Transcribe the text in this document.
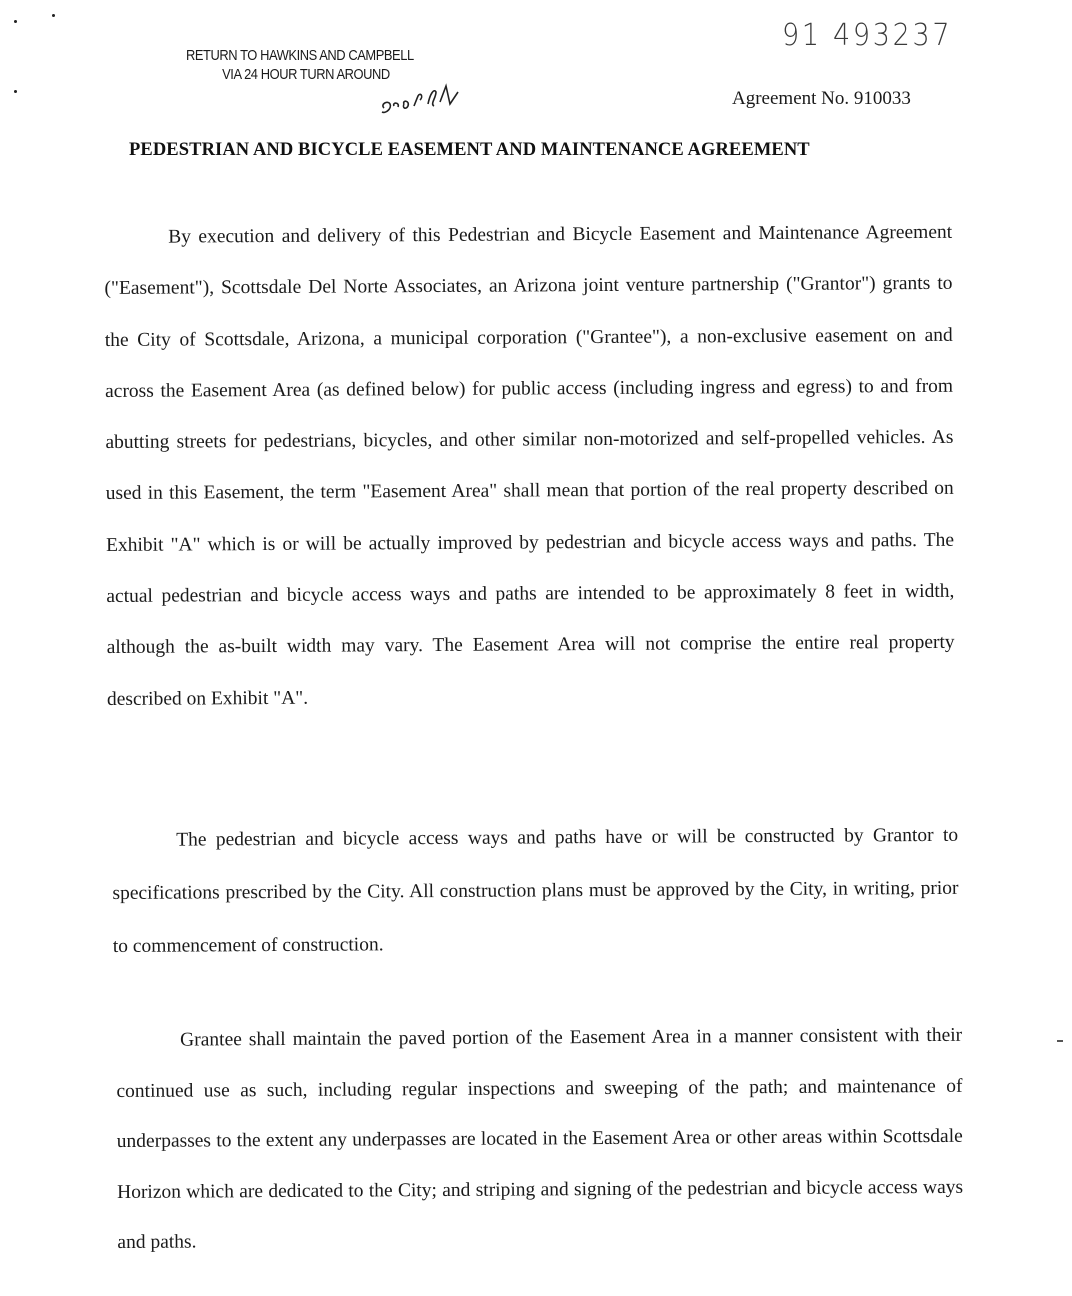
RETURN TO HAWKINS AND CAMPBELL
VIA 24 HOUR TURN AROUND
91 493237
Agreement No. 910033
PEDESTRIAN AND BICYCLE EASEMENT AND MAINTENANCE AGREEMENT

By execution and delivery of this Pedestrian and Bicycle Easement and Maintenance Agreement ("Easement"), Scottsdale Del Norte Associates, an Arizona joint venture partnership ("Grantor") grants to the City of Scottsdale, Arizona, a municipal corporation ("Grantee"), a non-exclusive easement on and across the Easement Area (as defined below) for public access (including ingress and egress) to and from abutting streets for pedestrians, bicycles, and other similar non-motorized and self-propelled vehicles. As used in this Easement, the term "Easement Area" shall mean that portion of the real property described on Exhibit "A" which is or will be actually improved by pedestrian and bicycle access ways and paths. The actual pedestrian and bicycle access ways and paths are intended to be approximately 8 feet in width, although the as-built width may vary. The Easement Area will not comprise the entire real property described on Exhibit "A".

The pedestrian and bicycle access ways and paths have or will be constructed by Grantor to specifications prescribed by the City. All construction plans must be approved by the City, in writing, prior to commencement of construction.

Grantee shall maintain the paved portion of the Easement Area in a manner consistent with their continued use as such, including regular inspections and sweeping of the path; and maintenance of underpasses to the extent any underpasses are located in the Easement Area or other areas within Scottsdale Horizon which are dedicated to the City; and striping and signing of the pedestrian and bicycle access ways and paths.
